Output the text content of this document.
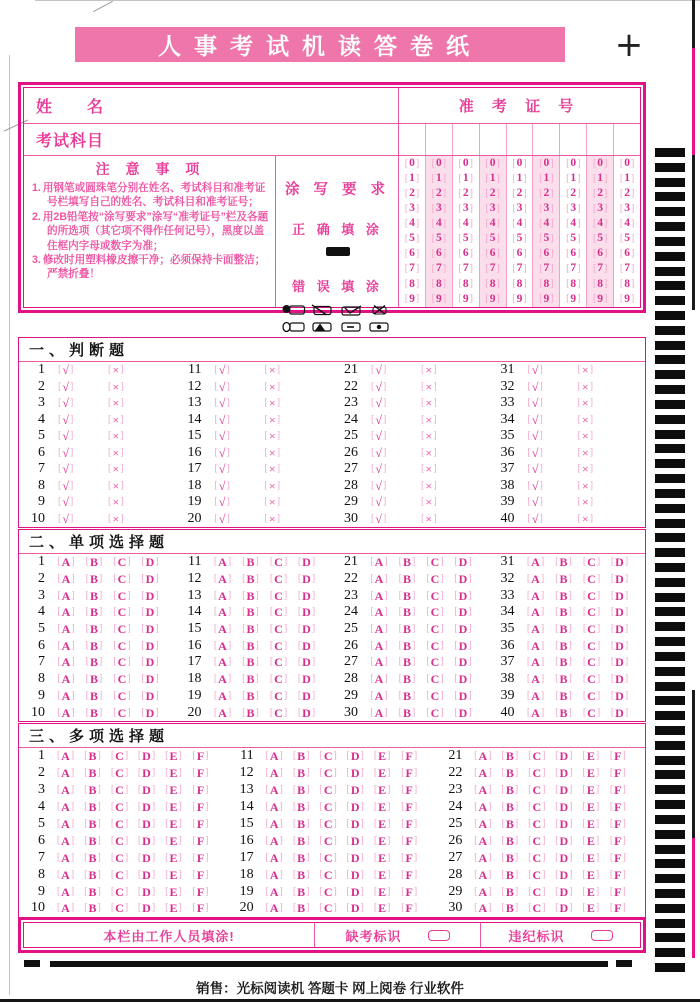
人事考试机读答卷纸	+
姓　　名
考试科目
注 意 事 项
1. 用钢笔或圆珠笔分别在姓名、考试科目和准考证号栏填写自己的姓名、考试科目和准考证号；
2. 用2B铅笔按“涂写要求”涂写“准考证号”栏及各题的所选项（其它项不得作任何记号），黑度以盖住框内字母或数字为准；
3. 修改时用塑料橡皮擦干净；必须保持卡面整洁；严禁折叠！
涂 写 要 求
正 确 填 涂
错 误 填 涂
准 考 证 号
[ 0 ]
[ 1 ]
[ 2 ]
[ 3 ]
[ 4 ]
[ 5 ]
[ 6 ]
[ 7 ]
[ 8 ]
[ 9 ]
[ 0 ]
[ 1 ]
[ 2 ]
[ 3 ]
[ 4 ]
[ 5 ]
[ 6 ]
[ 7 ]
[ 8 ]
[ 9 ]
[ 0 ]
[ 1 ]
[ 2 ]
[ 3 ]
[ 4 ]
[ 5 ]
[ 6 ]
[ 7 ]
[ 8 ]
[ 9 ]
[ 0 ]
[ 1 ]
[ 2 ]
[ 3 ]
[ 4 ]
[ 5 ]
[ 6 ]
[ 7 ]
[ 8 ]
[ 9 ]
[ 0 ]
[ 1 ]
[ 2 ]
[ 3 ]
[ 4 ]
[ 5 ]
[ 6 ]
[ 7 ]
[ 8 ]
[ 9 ]
[ 0 ]
[ 1 ]
[ 2 ]
[ 3 ]
[ 4 ]
[ 5 ]
[ 6 ]
[ 7 ]
[ 8 ]
[ 9 ]
[ 0 ]
[ 1 ]
[ 2 ]
[ 3 ]
[ 4 ]
[ 5 ]
[ 6 ]
[ 7 ]
[ 8 ]
[ 9 ]
[ 0 ]
[ 1 ]
[ 2 ]
[ 3 ]
[ 4 ]
[ 5 ]
[ 6 ]
[ 7 ]
[ 8 ]
[ 9 ]
[ 0 ]
[ 1 ]
[ 2 ]
[ 3 ]
[ 4 ]
[ 5 ]
[ 6 ]
[ 7 ]
[ 8 ]
[ 9 ]
一、判断题
1 [ √ ]	[ × ]
2 [ √ ]	[ × ]
3 [ √ ]	[ × ]
4 [ √ ]	[ × ]
5 [ √ ]	[ × ]
6 [ √ ]	[ × ]
7 [ √ ]	[ × ]
8 [ √ ]	[ × ]
9 [ √ ]	[ × ]
10 [ √ ]	[ × ]
11 [ √ ]	[ × ]
12 [ √ ]	[ × ]
13 [ √ ]	[ × ]
14 [ √ ]	[ × ]
15 [ √ ]	[ × ]
16 [ √ ]	[ × ]
17 [ √ ]	[ × ]
18 [ √ ]	[ × ]
19 [ √ ]	[ × ]
20 [ √ ]	[ × ]
21 [ √ ]	[ × ]
22 [ √ ]	[ × ]
23 [ √ ]	[ × ]
24 [ √ ]	[ × ]
25 [ √ ]	[ × ]
26 [ √ ]	[ × ]
27 [ √ ]	[ × ]
28 [ √ ]	[ × ]
29 [ √ ]	[ × ]
30 [ √ ]	[ × ]
31 [ √ ]	[ × ]
32 [ √ ]	[ × ]
33 [ √ ]	[ × ]
34 [ √ ]	[ × ]
35 [ √ ]	[ × ]
36 [ √ ]	[ × ]
37 [ √ ]	[ × ]
38 [ √ ]	[ × ]
39 [ √ ]	[ × ]
40 [ √ ]	[ × ]
二、单项选择题
1 [ A ] [ B ] [ C ] [ D ]
2 [ A ] [ B ] [ C ] [ D ]
3 [ A ] [ B ] [ C ] [ D ]
4 [ A ] [ B ] [ C ] [ D ]
5 [ A ] [ B ] [ C ] [ D ]
6 [ A ] [ B ] [ C ] [ D ]
7 [ A ] [ B ] [ C ] [ D ]
8 [ A ] [ B ] [ C ] [ D ]
9 [ A ] [ B ] [ C ] [ D ]
10 [ A ] [ B ] [ C ] [ D ]
11 [ A ] [ B ] [ C ] [ D ]
12 [ A ] [ B ] [ C ] [ D ]
13 [ A ] [ B ] [ C ] [ D ]
14 [ A ] [ B ] [ C ] [ D ]
15 [ A ] [ B ] [ C ] [ D ]
16 [ A ] [ B ] [ C ] [ D ]
17 [ A ] [ B ] [ C ] [ D ]
18 [ A ] [ B ] [ C ] [ D ]
19 [ A ] [ B ] [ C ] [ D ]
20 [ A ] [ B ] [ C ] [ D ]
21 [ A ] [ B ] [ C ] [ D ]
22 [ A ] [ B ] [ C ] [ D ]
23 [ A ] [ B ] [ C ] [ D ]
24 [ A ] [ B ] [ C ] [ D ]
25 [ A ] [ B ] [ C ] [ D ]
26 [ A ] [ B ] [ C ] [ D ]
27 [ A ] [ B ] [ C ] [ D ]
28 [ A ] [ B ] [ C ] [ D ]
29 [ A ] [ B ] [ C ] [ D ]
30 [ A ] [ B ] [ C ] [ D ]
31 [ A ] [ B ] [ C ] [ D ]
32 [ A ] [ B ] [ C ] [ D ]
33 [ A ] [ B ] [ C ] [ D ]
34 [ A ] [ B ] [ C ] [ D ]
35 [ A ] [ B ] [ C ] [ D ]
36 [ A ] [ B ] [ C ] [ D ]
37 [ A ] [ B ] [ C ] [ D ]
38 [ A ] [ B ] [ C ] [ D ]
39 [ A ] [ B ] [ C ] [ D ]
40 [ A ] [ B ] [ C ] [ D ]
三、多项选择题
1 [ A ] [ B ] [ C ] [ D ] [ E ] [ F ]
2 [ A ] [ B ] [ C ] [ D ] [ E ] [ F ]
3 [ A ] [ B ] [ C ] [ D ] [ E ] [ F ]
4 [ A ] [ B ] [ C ] [ D ] [ E ] [ F ]
5 [ A ] [ B ] [ C ] [ D ] [ E ] [ F ]
6 [ A ] [ B ] [ C ] [ D ] [ E ] [ F ]
7 [ A ] [ B ] [ C ] [ D ] [ E ] [ F ]
8 [ A ] [ B ] [ C ] [ D ] [ E ] [ F ]
9 [ A ] [ B ] [ C ] [ D ] [ E ] [ F ]
10 [ A ] [ B ] [ C ] [ D ] [ E ] [ F ]
11 [ A ] [ B ] [ C ] [ D ] [ E ] [ F ]
12 [ A ] [ B ] [ C ] [ D ] [ E ] [ F ]
13 [ A ] [ B ] [ C ] [ D ] [ E ] [ F ]
14 [ A ] [ B ] [ C ] [ D ] [ E ] [ F ]
15 [ A ] [ B ] [ C ] [ D ] [ E ] [ F ]
16 [ A ] [ B ] [ C ] [ D ] [ E ] [ F ]
17 [ A ] [ B ] [ C ] [ D ] [ E ] [ F ]
18 [ A ] [ B ] [ C ] [ D ] [ E ] [ F ]
19 [ A ] [ B ] [ C ] [ D ] [ E ] [ F ]
20 [ A ] [ B ] [ C ] [ D ] [ E ] [ F ]
21 [ A ] [ B ] [ C ] [ D ] [ E ] [ F ]
22 [ A ] [ B ] [ C ] [ D ] [ E ] [ F ]
23 [ A ] [ B ] [ C ] [ D ] [ E ] [ F ]
24 [ A ] [ B ] [ C ] [ D ] [ E ] [ F ]
25 [ A ] [ B ] [ C ] [ D ] [ E ] [ F ]
26 [ A ] [ B ] [ C ] [ D ] [ E ] [ F ]
27 [ A ] [ B ] [ C ] [ D ] [ E ] [ F ]
28 [ A ] [ B ] [ C ] [ D ] [ E ] [ F ]
29 [ A ] [ B ] [ C ] [ D ] [ E ] [ F ]
30 [ A ] [ B ] [ C ] [ D ] [ E ] [ F ]
本栏由工作人员填涂!	缺考标识	违纪标识
销售：光标阅读机 答题卡 网上阅卷 行业软件
